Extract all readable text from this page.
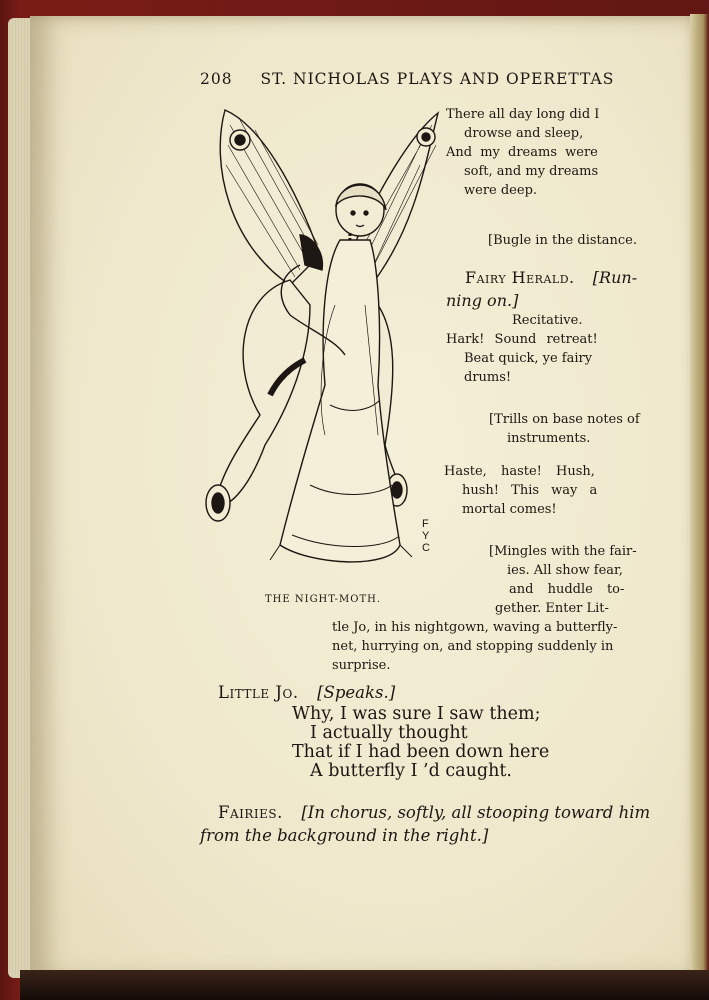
208 ST. NICHOLAS PLAYS AND OPERETTAS
F
Y
C
THE NIGHT-MOTH.
There all day long did I
drowse and sleep,
And my dreams were
soft, and my dreams
were deep.
[Bugle in the distance.
Fairy Herald. [Run-
ning on.]
Recitative.
Hark! Sound retreat!
Beat quick, ye fairy
drums!
[Trills on base notes of
instruments.
Haste, haste! Hush,
hush! This way a
mortal comes!
[Mingles with the fair-
ies. All show fear,
and huddle to-
gether. Enter Lit-
tle Jo, in his nightgown, waving a butterfly-
net, hurrying on, and stopping suddenly in
surprise.
Little Jo. [Speaks.]
Why, I was sure I saw them;
I actually thought
That if I had been down here
A butterfly I ’d caught.
Fairies. [In chorus, softly, all stooping toward him
from the background in the right.]
